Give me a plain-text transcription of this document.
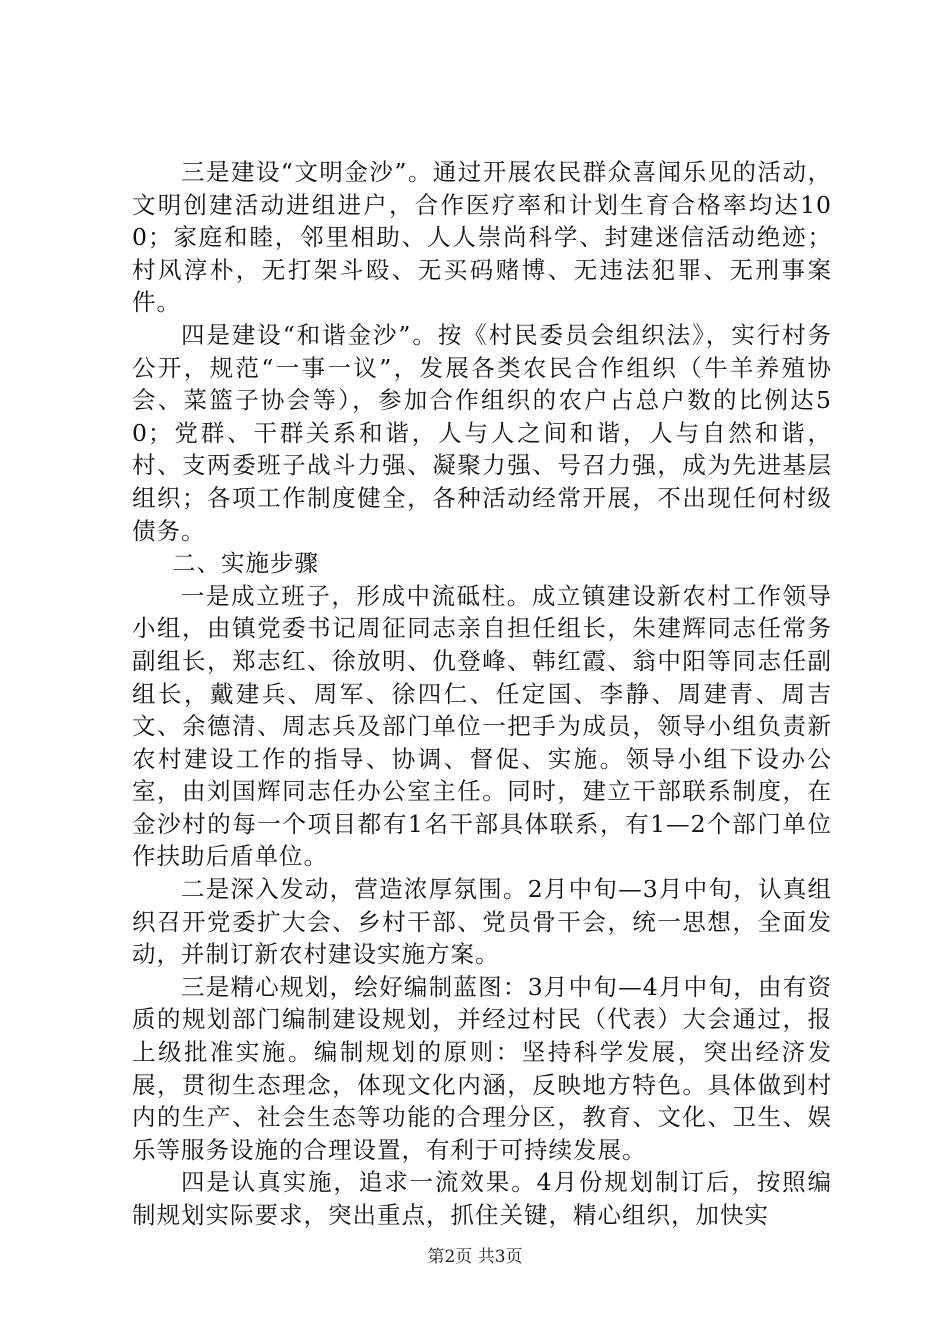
三是建设“文明金沙”。通过开展农民群众喜闻乐见的活动，文明创建活动进组进户，合作医疗率和计划生育合格率均达100；家庭和睦，邻里相助、人人崇尚科学、封建迷信活动绝迹；村风淳朴，无打架斗殴、无买码赌博、无违法犯罪、无刑事案件。

四是建设“和谐金沙”。按《村民委员会组织法》，实行村务公开，规范“一事一议”，发展各类农民合作组织（牛羊养殖协会、菜篮子协会等），参加合作组织的农户占总户数的比例达50；党群、干群关系和谐，人与人之间和谐，人与自然和谐，村、支两委班子战斗力强、凝聚力强、号召力强，成为先进基层组织；各项工作制度健全，各种活动经常开展，不出现任何村级债务。

二、实施步骤

一是成立班子，形成中流砥柱。成立镇建设新农村工作领导小组，由镇党委书记周征同志亲自担任组长，朱建辉同志任常务副组长，郑志红、徐放明、仇登峰、韩红霞、翁中阳等同志任副组长，戴建兵、周军、徐四仁、任定国、李静、周建青、周吉文、余德清、周志兵及部门单位一把手为成员，领导小组负责新农村建设工作的指导、协调、督促、实施。领导小组下设办公室，由刘国辉同志任办公室主任。同时，建立干部联系制度，在金沙村的每一个项目都有1名干部具体联系，有1—2个部门单位作扶助后盾单位。

二是深入发动，营造浓厚氛围。2月中旬—3月中旬，认真组织召开党委扩大会、乡村干部、党员骨干会，统一思想，全面发动，并制订新农村建设实施方案。

三是精心规划，绘好编制蓝图：3月中旬—4月中旬，由有资质的规划部门编制建设规划，并经过村民（代表）大会通过，报上级批准实施。编制规划的原则：坚持科学发展，突出经济发展，贯彻生态理念，体现文化内涵，反映地方特色。具体做到村内的生产、社会生态等功能的合理分区，教育、文化、卫生、娱乐等服务设施的合理设置，有利于可持续发展。

四是认真实施，追求一流效果。4月份规划制订后，按照编制规划实际要求，突出重点，抓住关键，精心组织，加快实

第2页 共3页
